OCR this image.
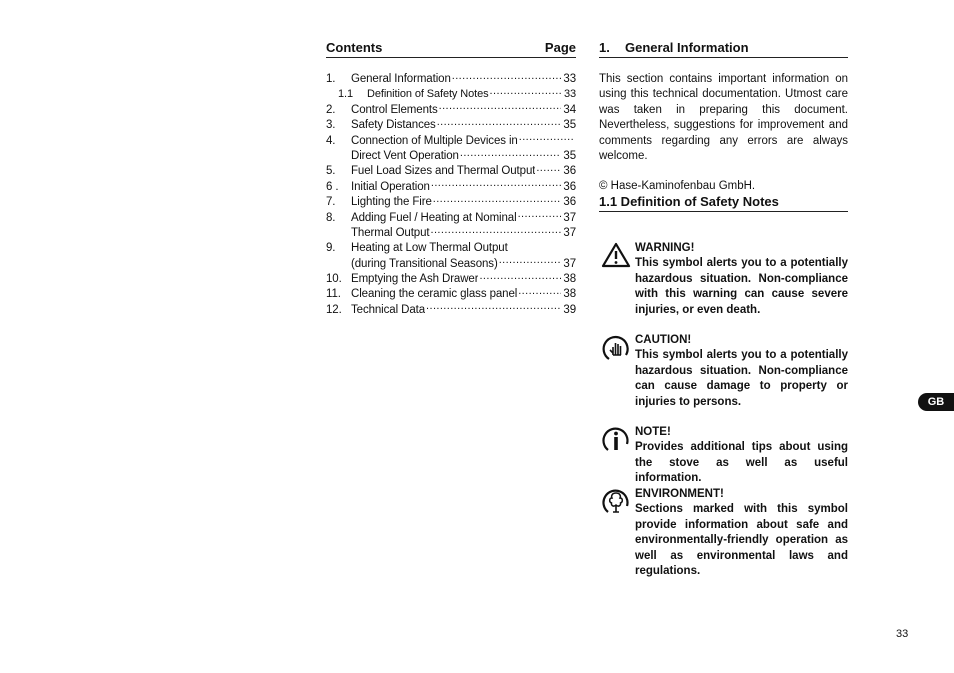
Contents	Page
1.	General Information .....	33
1.1	Definition of Safety Notes .....	33
2.	Control Elements .....	34
3.	Safety Distances .....	35
4.	Connection of Multiple Devices in
.....
Direct Vent Operation .....	35
5.	Fuel Load Sizes and Thermal Output ..... 36
6 .	Initial Operation .....	36
7.	Lighting the Fire .....	36
8.	Adding Fuel / Heating at Nominal .....	37
Thermal Output .....	37
9.	Heating at Low Thermal Output
(during Transitional Seasons) .....	37
10. Emptying the Ash Drawer .....	38
11. Cleaning the ceramic glass panel .....	38
12. Technical Data .....	39
1.	General Information
This section contains important information on using this technical documentation. Utmost care was taken in preparing this document. Nevertheless, suggestions for improvement and comments regarding any errors are always welcome.
© Hase-Kaminofenbau GmbH.
1.1 Definition of Safety Notes
WARNING!
This symbol alerts you to a potentially hazardous situation. Non-compliance with this warning can cause severe injuries, or even death.
CAUTION!
This symbol alerts you to a potentially hazardous situation. Non-compliance can cause damage to property or injuries to persons.
NOTE!
Provides additional tips about using the stove as well as useful information.
ENVIRONMENT!
Sections marked with this symbol provide information about safe and environmentally-friendly operation as well as environmental laws and regulations.
GB
33
